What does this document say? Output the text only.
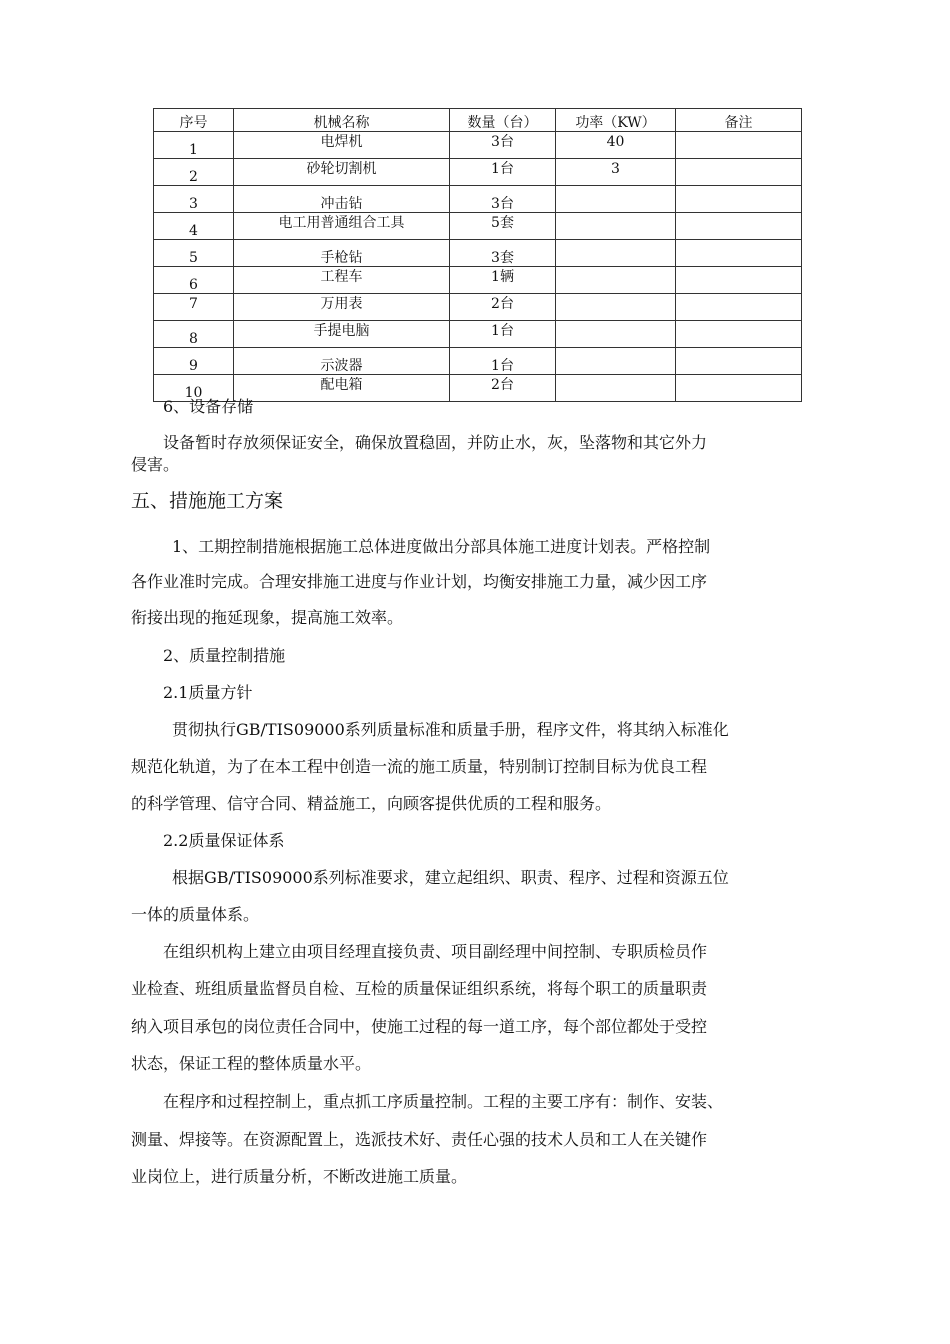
序号	机械名称	数量（台）	功率（KW）	备注
1	电焊机	3台	40	
2	砂轮切割机	1台	3	
3	冲击钻	3台		
4	电工用普通组合工具	5套		
5	手枪钻	3套		
6	工程车	1辆		
7	万用表	2台		
8	手提电脑	1台		
9	示波器	1台		
10	配电箱	2台		

6、设备存储

设备暂时存放须保证安全，确保放置稳固，并防止水，灰，坠落物和其它外力

侵害。

五、措施施工方案

1、工期控制措施根据施工总体进度做出分部具体施工进度计划表。严格控制

各作业准时完成。合理安排施工进度与作业计划，均衡安排施工力量，减少因工序

衔接出现的拖延现象，提高施工效率。

2、质量控制措施

2.1质量方针

贯彻执行GB/TIS09000系列质量标准和质量手册，程序文件，将其纳入标准化

规范化轨道，为了在本工程中创造一流的施工质量，特别制订控制目标为优良工程

的科学管理、信守合同、精益施工，向顾客提供优质的工程和服务。

2.2质量保证体系

根据GB/TIS09000系列标准要求，建立起组织、职责、程序、过程和资源五位

一体的质量体系。

在组织机构上建立由项目经理直接负责、项目副经理中间控制、专职质检员作

业检查、班组质量监督员自检、互检的质量保证组织系统，将每个职工的质量职责

纳入项目承包的岗位责任合同中，使施工过程的每一道工序，每个部位都处于受控

状态，保证工程的整体质量水平。

在程序和过程控制上，重点抓工序质量控制。工程的主要工序有：制作、安装、

测量、焊接等。在资源配置上，选派技术好、责任心强的技术人员和工人在关键作

业岗位上，进行质量分析，不断改进施工质量。
